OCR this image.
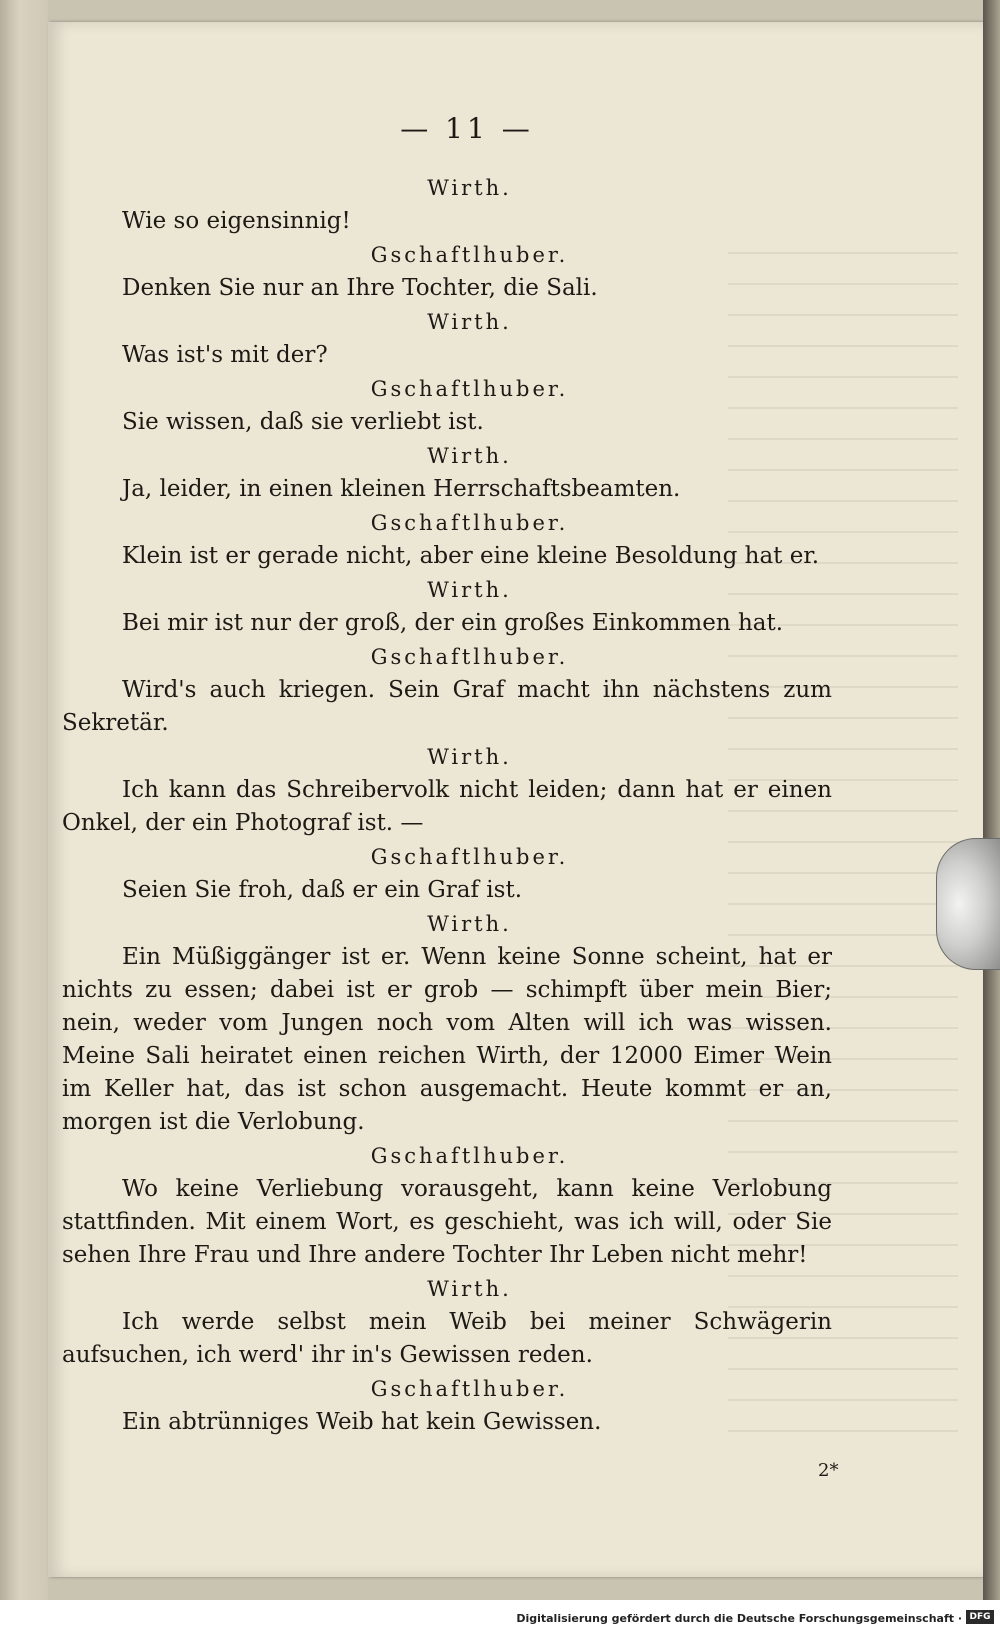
— 11 —
Wirth.

Wie so eigensinnig!

Gschaftlhuber.

Denken Sie nur an Ihre Tochter, die Sali.

Wirth.

Was ist's mit der?

Gschaftlhuber.

Sie wissen, daß sie verliebt ist.

Wirth.

Ja, leider, in einen kleinen Herrschaftsbeamten.

Gschaftlhuber.

Klein ist er gerade nicht, aber eine kleine Besoldung hat er.

Wirth.

Bei mir ist nur der groß, der ein großes Einkommen hat.

Gschaftlhuber.

Wird's auch kriegen. Sein Graf macht ihn nächstens zum Sekretär.

Wirth.

Ich kann das Schreibervolk nicht leiden; dann hat er einen Onkel, der ein Photograf ist. —

Gschaftlhuber.

Seien Sie froh, daß er ein Graf ist.

Wirth.

Ein Müßiggänger ist er. Wenn keine Sonne scheint, hat er nichts zu essen; dabei ist er grob — schimpft über mein Bier; nein, weder vom Jungen noch vom Alten will ich was wissen. Meine Sali heiratet einen reichen Wirth, der 12000 Eimer Wein im Keller hat, das ist schon ausgemacht. Heute kommt er an, morgen ist die Verlobung.

Gschaftlhuber.

Wo keine Verliebung vorausgeht, kann keine Verlobung stattfinden. Mit einem Wort, es geschieht, was ich will, oder Sie sehen Ihre Frau und Ihre andere Tochter Ihr Leben nicht mehr!

Wirth.

Ich werde selbst mein Weib bei meiner Schwägerin aufsuchen, ich werd' ihr in's Gewissen reden.

Gschaftlhuber.

Ein abtrünniges Weib hat kein Gewissen.

2*
Digitalisierung gefördert durch die Deutsche Forschungsgemeinschaft · DFG
